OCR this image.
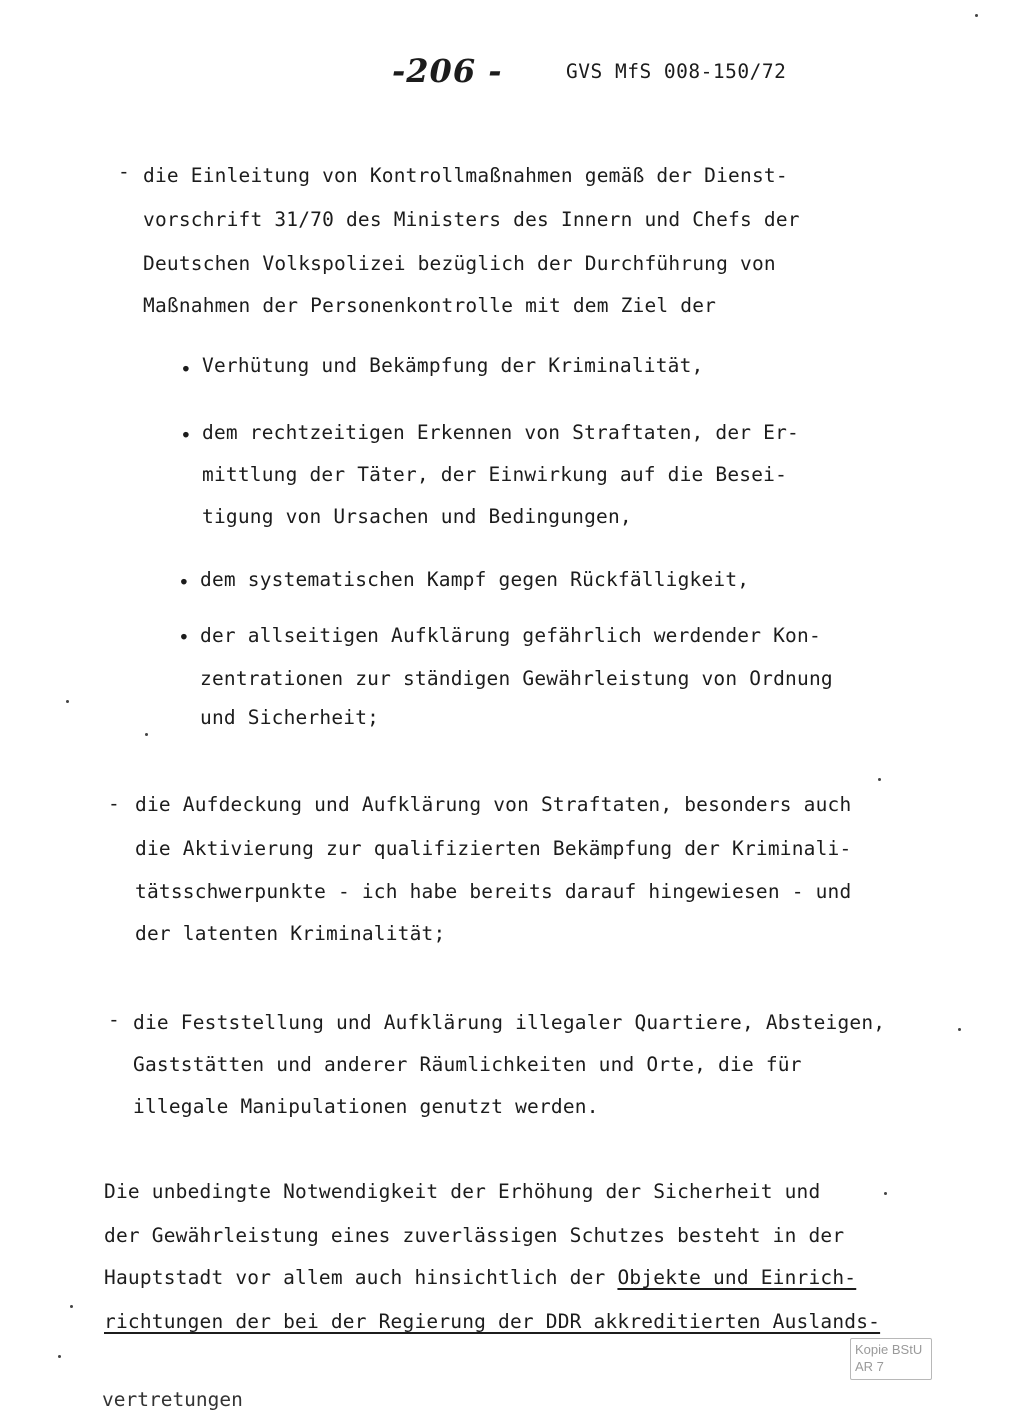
-206 -	GVS MfS 008-150/72
- die Einleitung von Kontrollmaßnahmen gemäß der Dienst-
vorschrift 31/70 des Ministers des Innern und Chefs der
Deutschen Volkspolizei bezüglich der Durchführung von
Maßnahmen der Personenkontrolle mit dem Ziel der
• Verhütung und Bekämpfung der Kriminalität,
• dem rechtzeitigen Erkennen von Straftaten, der Er-
mittlung der Täter, der Einwirkung auf die Besei-
tigung von Ursachen und Bedingungen,
• dem systematischen Kampf gegen Rückfälligkeit,
• der allseitigen Aufklärung gefährlich werdender Kon-
zentrationen zur ständigen Gewährleistung von Ordnung
und Sicherheit;
- die Aufdeckung und Aufklärung von Straftaten, besonders auch
die Aktivierung zur qualifizierten Bekämpfung der Kriminali-
tätsschwerpunkte - ich habe bereits darauf hingewiesen - und
der latenten Kriminalität;
- die Feststellung und Aufklärung illegaler Quartiere, Absteigen,
Gaststätten und anderer Räumlichkeiten und Orte, die für
illegale Manipulationen genutzt werden.
Die unbedingte Notwendigkeit der Erhöhung der Sicherheit und
der Gewährleistung eines zuverlässigen Schutzes besteht in der
Hauptstadt vor allem auch hinsichtlich der Objekte und Einrich-
richtungen der bei der Regierung der DDR akkreditierten Auslands-
vertretungen
Kopie BStU
AR 7
